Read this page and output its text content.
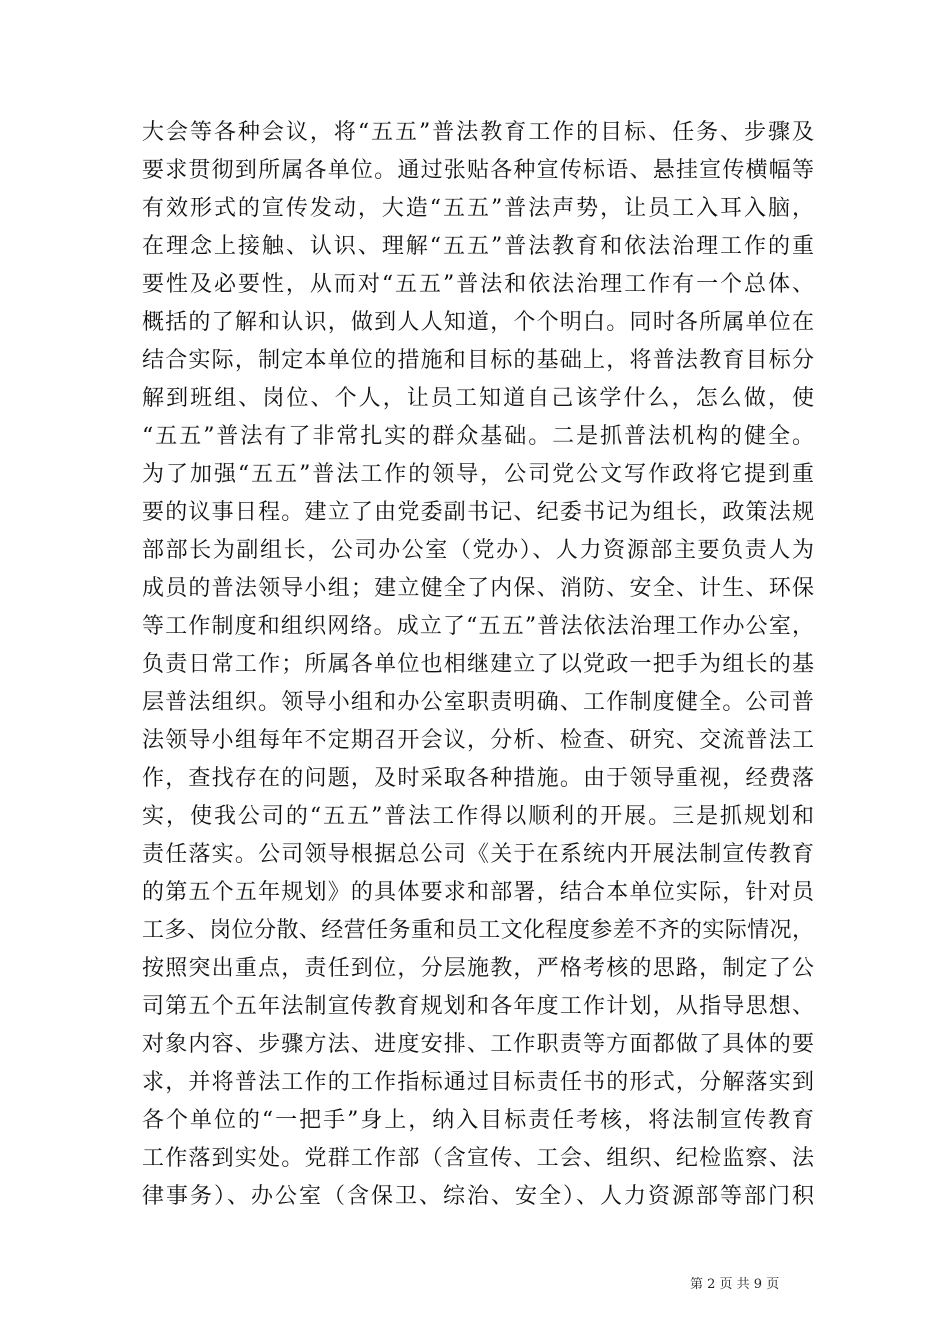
大会等各种会议，将“五五”普法教育工作的目标、任务、步骤及
要求贯彻到所属各单位。通过张贴各种宣传标语、悬挂宣传横幅等
有效形式的宣传发动，大造“五五”普法声势，让员工入耳入脑，
在理念上接触、认识、理解“五五”普法教育和依法治理工作的重
要性及必要性，从而对“五五”普法和依法治理工作有一个总体、
概括的了解和认识，做到人人知道，个个明白。同时各所属单位在
结合实际，制定本单位的措施和目标的基础上，将普法教育目标分
解到班组、岗位、个人，让员工知道自己该学什么，怎么做，使
“五五”普法有了非常扎实的群众基础。二是抓普法机构的健全。
为了加强“五五”普法工作的领导，公司党公文写作政将它提到重
要的议事日程。建立了由党委副书记、纪委书记为组长，政策法规
部部长为副组长，公司办公室（党办）、人力资源部主要负责人为
成员的普法领导小组；建立健全了内保、消防、安全、计生、环保
等工作制度和组织网络。成立了“五五”普法依法治理工作办公室，
负责日常工作；所属各单位也相继建立了以党政一把手为组长的基
层普法组织。领导小组和办公室职责明确、工作制度健全。公司普
法领导小组每年不定期召开会议，分析、检查、研究、交流普法工
作，查找存在的问题，及时采取各种措施。由于领导重视，经费落
实，使我公司的“五五”普法工作得以顺利的开展。三是抓规划和
责任落实。公司领导根据总公司《关于在系统内开展法制宣传教育
的第五个五年规划》的具体要求和部署，结合本单位实际，针对员
工多、岗位分散、经营任务重和员工文化程度参差不齐的实际情况，
按照突出重点，责任到位，分层施教，严格考核的思路，制定了公
司第五个五年法制宣传教育规划和各年度工作计划，从指导思想、
对象内容、步骤方法、进度安排、工作职责等方面都做了具体的要
求，并将普法工作的工作指标通过目标责任书的形式，分解落实到
各个单位的“一把手”身上，纳入目标责任考核，将法制宣传教育
工作落到实处。党群工作部（含宣传、工会、组织、纪检监察、法
律事务）、办公室（含保卫、综治、安全）、人力资源部等部门积
第 2 页 共 9 页
